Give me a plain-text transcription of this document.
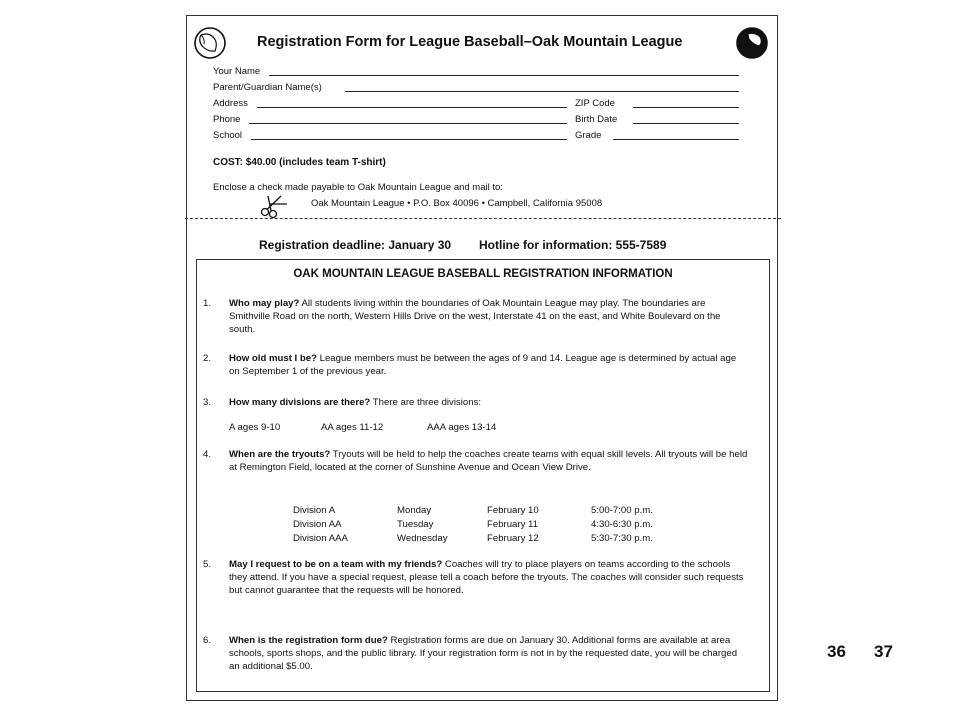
Registration Form for League Baseball–Oak Mountain League
Your Name
Parent/Guardian Name(s)
Address	ZIP Code
Phone	Birth Date
School	Grade
COST: $40.00 (includes team T-shirt)
Enclose a check made payable to Oak Mountain League and mail to:
Oak Mountain League • P.O. Box 40096 • Campbell, California 95008
Registration deadline: January 30 Hotline for information: 555-7589
OAK MOUNTAIN LEAGUE BASEBALL REGISTRATION INFORMATION
1. Who may play? All students living within the boundaries of Oak Mountain League may play. The boundaries are Smithville Road on the north, Western Hills Drive on the west, Interstate 41 on the east, and White Boulevard on the south.
2. How old must I be? League members must be between the ages of 9 and 14. League age is determined by actual age on September 1 of the previous year.
3. How many divisions are there? There are three divisions:
A ages 9-10	AA ages 11-12	AAA ages 13-14
4. When are the tryouts? Tryouts will be held to help the coaches create teams with equal skill levels. All tryouts will be held at Remington Field, located at the corner of Sunshine Avenue and Ocean View Drive.
Division A	Monday	February 10	5:00-7:00 p.m.
Division AA	Tuesday	February 11	4:30-6:30 p.m.
Division AAA	Wednesday	February 12	5:30-7:30 p.m.
5. May I request to be on a team with my friends? Coaches will try to place players on teams according to the schools they attend. If you have a special request, please tell a coach before the tryouts. The coaches will consider such requests but cannot guarantee that the requests will be honored.
6. When is the registration form due? Registration forms are due on January 30. Additional forms are available at area schools, sports shops, and the public library. If your registration form is not in by the requested date, you will be charged an additional $5.00.
36 37
